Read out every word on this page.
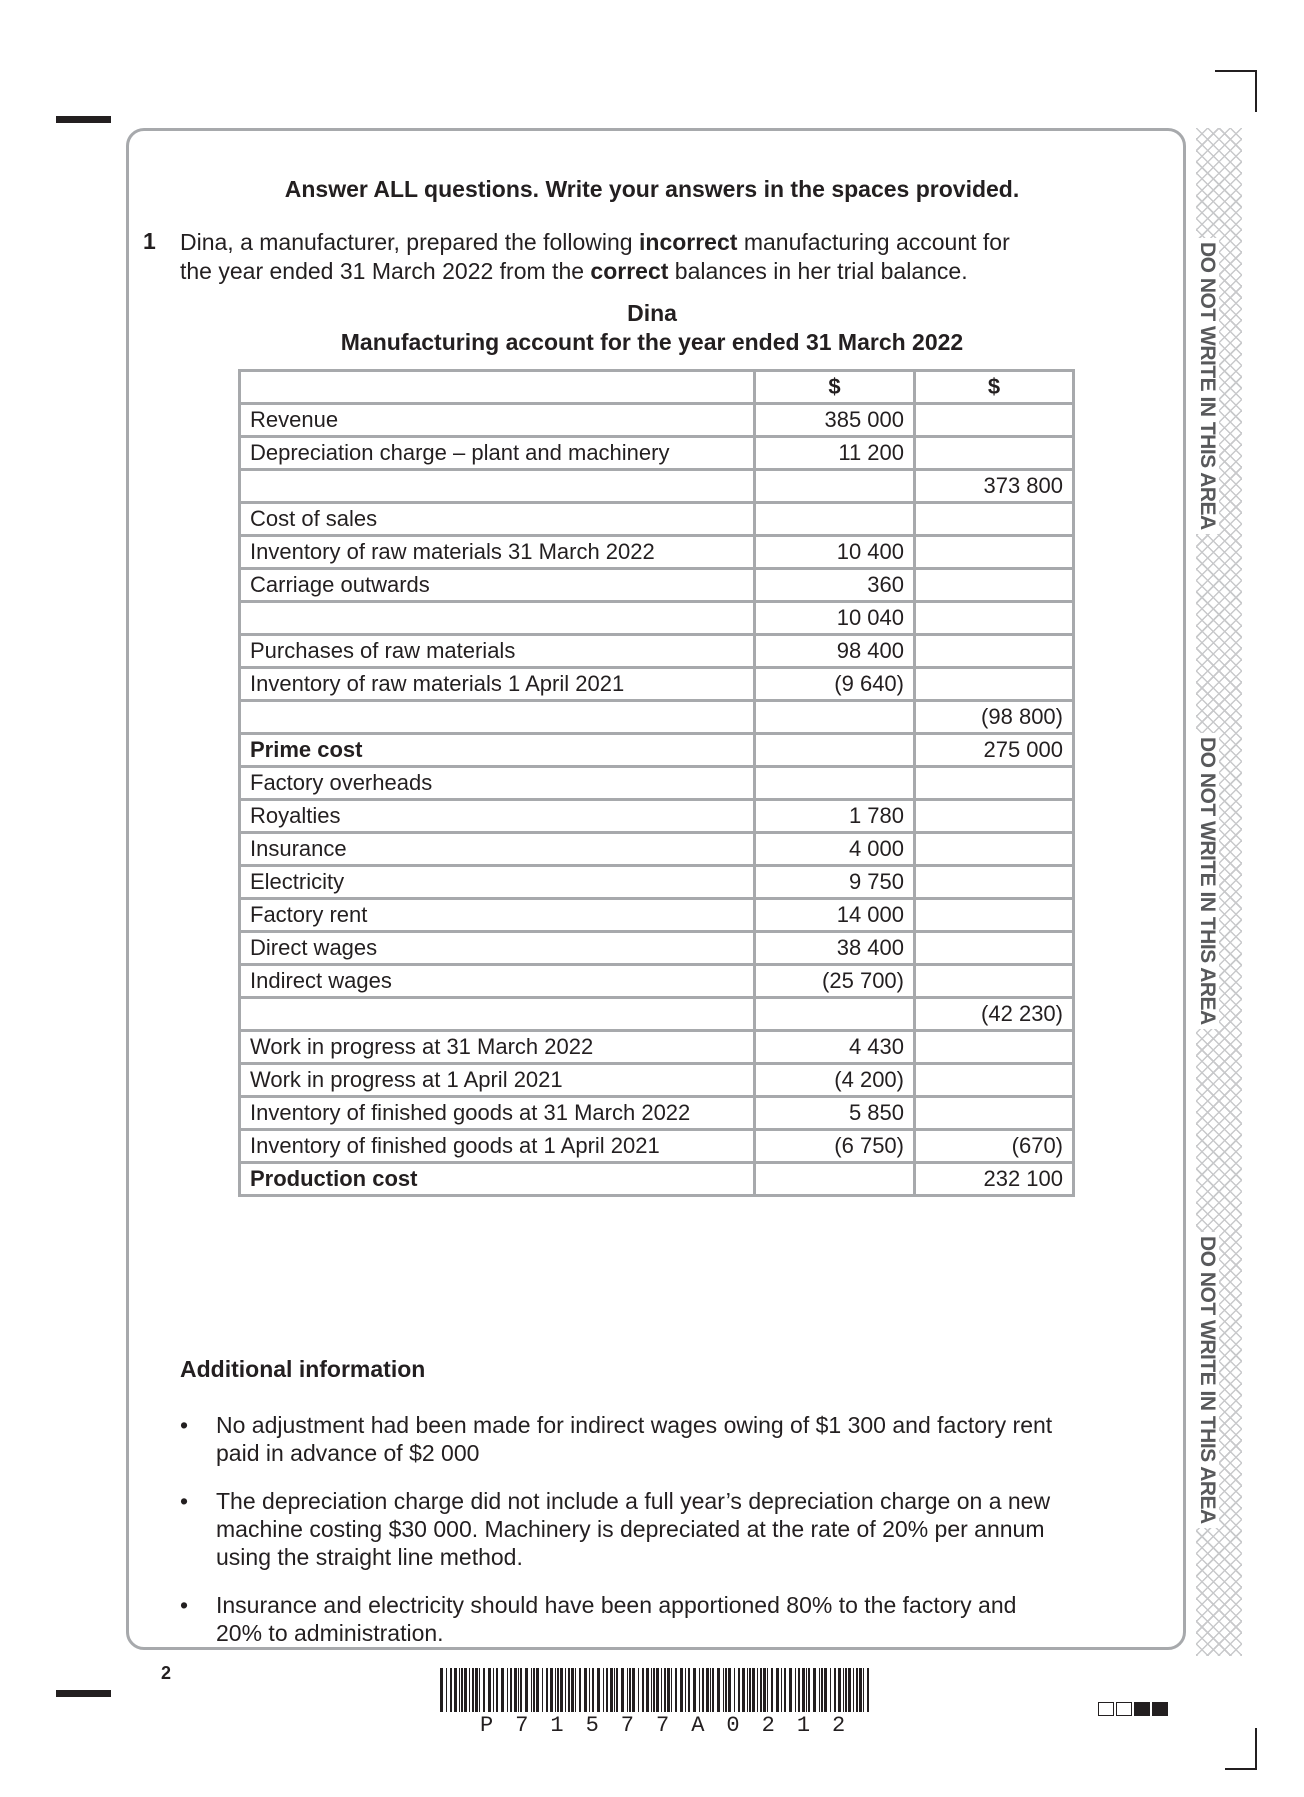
DO NOT WRITE IN THIS AREA
DO NOT WRITE IN THIS AREA
DO NOT WRITE IN THIS AREA
Answer ALL questions. Write your answers in the spaces provided.
1 Dina, a manufacturer, prepared the following incorrect manufacturing account for the year ended 31 March 2022 from the correct balances in her trial balance.
Dina
Manufacturing account for the year ended 31 March 2022
	$	$
Revenue	385 000	
Depreciation charge – plant and machinery	11 200	
		373 800
Cost of sales		
Inventory of raw materials 31 March 2022	10 400	
Carriage outwards	360	
	10 040	
Purchases of raw materials	98 400	
Inventory of raw materials 1 April 2021	(9 640)	
		(98 800)
Prime cost		275 000
Factory overheads		
Royalties	1 780	
Insurance	4 000	
Electricity	9 750	
Factory rent	14 000	
Direct wages	38 400	
Indirect wages	(25 700)	
		(42 230)
Work in progress at 31 March 2022	4 430	
Work in progress at 1 April 2021	(4 200)	
Inventory of finished goods at 31 March 2022	5 850	
Inventory of finished goods at 1 April 2021	(6 750)	(670)
Production cost		232 100
Additional information
• No adjustment had been made for indirect wages owing of $1 300 and factory rent paid in advance of $2 000
• The depreciation charge did not include a full year’s depreciation charge on a new machine costing $30 000. Machinery is depreciated at the rate of 20% per annum using the straight line method.
• Insurance and electricity should have been apportioned 80% to the factory and 20% to administration.
2
P71577A0212
